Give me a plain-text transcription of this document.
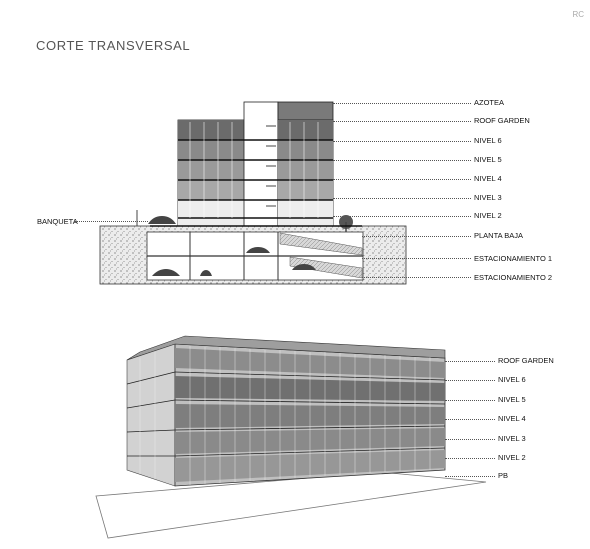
CORTE TRANSVERSAL
RC
AZOTEA
ROOF GARDEN
NIVEL 6
NIVEL 5
NIVEL 4
NIVEL 3
NIVEL 2
PLANTA BAJA
ESTACIONAMIENTO 1
ESTACIONAMIENTO 2
BANQUETA
ROOF GARDEN
NIVEL 6
NIVEL 5
NIVEL 4
NIVEL 3
NIVEL 2
PB
